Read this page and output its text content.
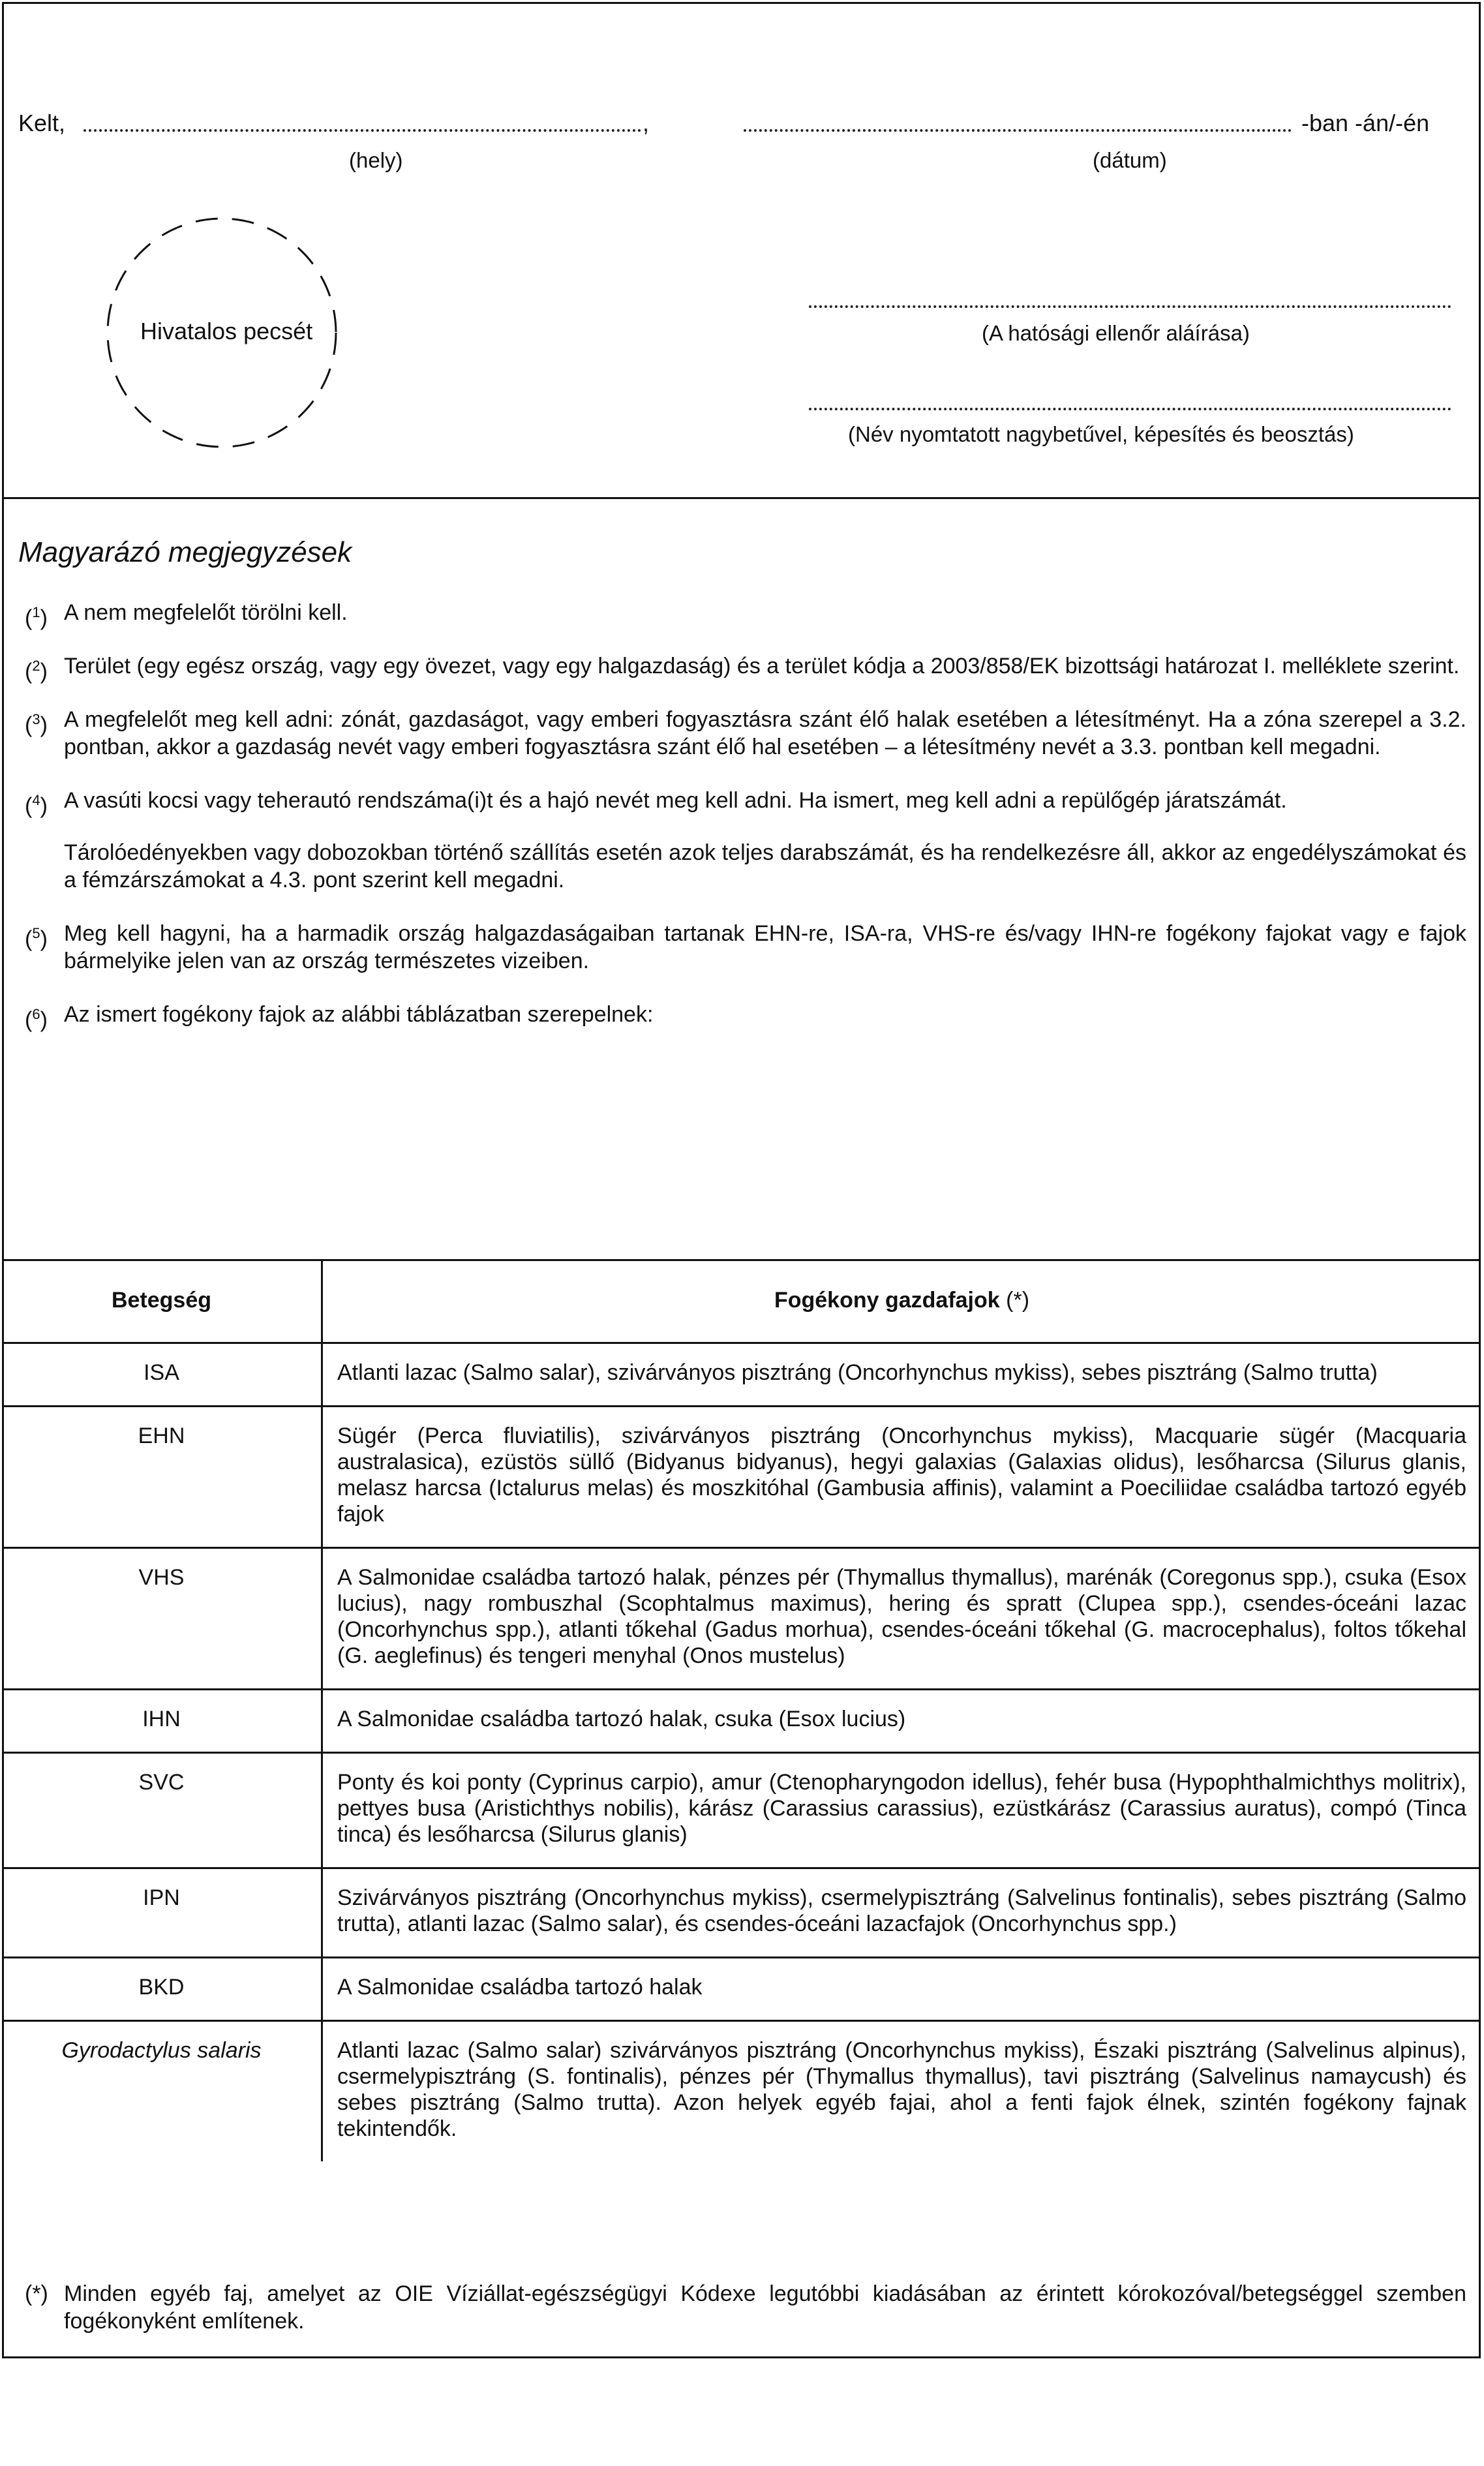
Kelt,	,	-ban -án/-én
(hely)	(dátum)
Hivatalos pecsét	(A hatósági ellenőr aláírása)
(Név nyomtatott nagybetűvel, képesítés és beosztás)
Magyarázó megjegyzések
($^1$) A nem megfelelőt törölni kell.
($^2$) Terület (egy egész ország, vagy egy övezet, vagy egy halgazdaság) és a terület kódja a 2003/858/EK bizottsági határozat I. melléklete szerint.
($^3$) A megfelelőt meg kell adni: zónát, gazdaságot, vagy emberi fogyasztásra szánt élő halak esetében a létesítményt. Ha a zóna szerepel a 3.2. pontban, akkor a gazdaság nevét vagy emberi fogyasztásra szánt élő hal esetében – a létesítmény nevét a 3.3. pontban kell megadni.
($^4$) A vasúti kocsi vagy teherautó rendszáma(i)t és a hajó nevét meg kell adni. Ha ismert, meg kell adni a repülőgép járatszámát.
Tárolóedényekben vagy dobozokban történő szállítás esetén azok teljes darabszámát, és ha rendelkezésre áll, akkor az engedélyszámokat és a fémzárszámokat a 4.3. pont szerint kell megadni.
($^5$) Meg kell hagyni, ha a harmadik ország halgazdaságaiban tartanak EHN-re, ISA-ra, VHS-re és/vagy IHN-re fogékony fajokat vagy e fajok bármelyike jelen van az ország természetes vizeiben.
($^6$) Az ismert fogékony fajok az alábbi táblázatban szerepelnek:
Betegség	Fogékony gazdafajok (*)
ISA	Atlanti lazac (Salmo salar), szivárványos pisztráng (Oncorhynchus mykiss), sebes pisztráng (Salmo trutta)
EHN	Sügér (Perca fluviatilis), szivárványos pisztráng (Oncorhynchus mykiss), Macquarie sügér (Macquaria australasica), ezüstös süllő (Bidyanus bidyanus), hegyi galaxias (Galaxias olidus), lesőharcsa (Silurus glanis, melasz harcsa (Ictalurus melas) és moszkitóhal (Gambusia affinis), valamint a Poeciliidae családba tartozó egyéb fajok
VHS	A Salmonidae családba tartozó halak, pénzes pér (Thymallus thymallus), marénák (Coregonus spp.), csuka (Esox lucius), nagy rombuszhal (Scophtalmus maximus), hering és spratt (Clupea spp.), csendes-óceáni lazac (Oncorhynchus spp.), atlanti tőkehal (Gadus morhua), csendes-óceáni tőkehal (G. macrocephalus), foltos tőkehal (G. aeglefinus) és tengeri menyhal (Onos mustelus)
IHN	A Salmonidae családba tartozó halak, csuka (Esox lucius)
SVC	Ponty és koi ponty (Cyprinus carpio), amur (Ctenopharyngodon idellus), fehér busa (Hypophthalmichthys molitrix), pettyes busa (Aristichthys nobilis), kárász (Carassius carassius), ezüstkárász (Carassius auratus), compó (Tinca tinca) és lesőharcsa (Silurus glanis)
IPN	Szivárványos pisztráng (Oncorhynchus mykiss), csermelypisztráng (Salvelinus fontinalis), sebes pisztráng (Salmo trutta), atlanti lazac (Salmo salar), és csendes-óceáni lazacfajok (Oncorhynchus spp.)
BKD	A Salmonidae családba tartozó halak
Gyrodactylus salaris	Atlanti lazac (Salmo salar) szivárványos pisztráng (Oncorhynchus mykiss), Északi pisztráng (Salvelinus alpinus), csermelypisztráng (S. fontinalis), pénzes pér (Thymallus thymallus), tavi pisztráng (Salvelinus namaycush) és sebes pisztráng (Salmo trutta). Azon helyek egyéb fajai, ahol a fenti fajok élnek, szintén fogékony fajnak tekintendők.
(*) Minden egyéb faj, amelyet az OIE Víziállat-egészségügyi Kódexe legutóbbi kiadásában az érintett kórokozóval/betegséggel szemben fogékonyként említenek.
